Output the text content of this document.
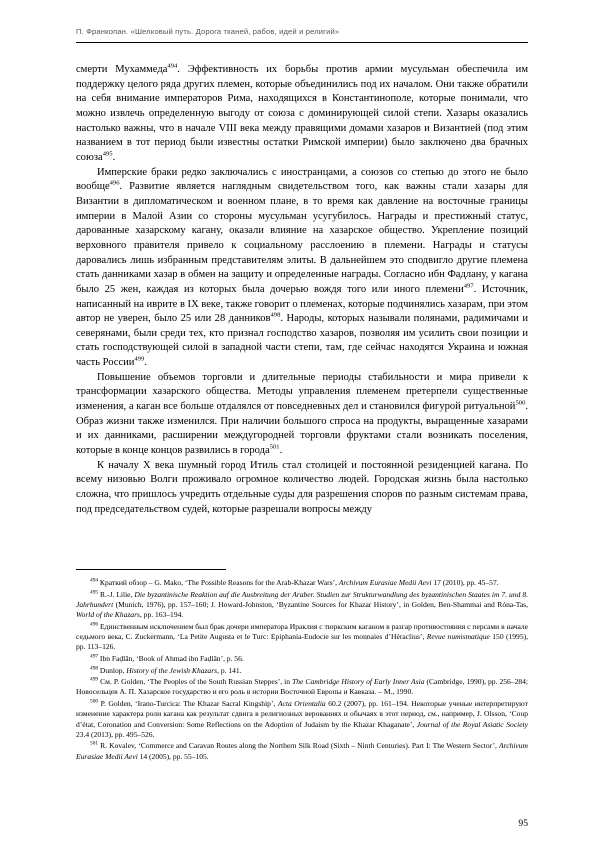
П. Франкопан. «Шелковый путь. Дорога тканей, рабов, идей и религий»

смерти Мухаммеда$^{494}$. Эффективность их борьбы против армии мусульман обеспечила им поддержку целого ряда других племен, которые объединились под их началом. Они также обратили на себя внимание императоров Рима, находящихся в Константинополе, которые понимали, что можно извлечь определенную выгоду от союза с доминирующей силой степи. Хазары оказались настолько важны, что в начале VIII века между правящими домами хазаров и Византией (под этим названием в тот период были известны остатки Римской империи) было заключено два брачных союза$^{495}$.

Имперские браки редко заключались с иностранцами, а союзов со степью до этого не было вообще$^{496}$. Развитие является наглядным свидетельством того, как важны стали хазары для Византии в дипломатическом и военном плане, в то время как давление на восточные границы империи в Малой Азии со стороны мусульман усугубилось. Награды и престижный статус, дарованные хазарскому кагану, оказали влияние на хазарское общество. Укрепление позиций верховного правителя привело к социальному расслоению в племени. Награды и статусы даровались лишь избранным представителям элиты. В дальнейшем это сподвигло другие племена стать данниками хазар в обмен на защиту и определенные награды. Согласно ибн Фадлану, у кагана было 25 жен, каждая из которых была дочерью вождя того или иного племени$^{497}$. Источник, написанный на иврите в IX веке, также говорит о племенах, которые подчинялись хазарам, при этом автор не уверен, было 25 или 28 данников$^{498}$. Народы, которых называли полянами, радимичами и северянами, были среди тех, кто признал господство хазаров, позволяя им усилить свои позиции и стать господствующей силой в западной части степи, там, где сейчас находятся Украина и южная часть России$^{499}$.

Повышение объемов торговли и длительные периоды стабильности и мира привели к трансформации хазарского общества. Методы управления племенем претерпели существенные изменения, а каган все больше отдалялся от повседневных дел и становился фигурой ритуальной$^{500}$. Образ жизни также изменился. При наличии большого спроса на продукты, выращенные хазарами и их данниками, расширении междугородней торговли фруктами стали возникать поселения, которые в конце концов развились в города$^{501}$.

К началу X века шумный город Итиль стал столицей и постоянной резиденцией кагана. По всему низовью Волги проживало огромное количество людей. Городская жизнь была настолько сложна, что пришлось учредить отдельные суды для разрешения споров по разным системам права, под председательством судей, которые разрешали вопросы между

$^{494}$ Краткий обзор – G. Mako, ‘The Possible Reasons for the Arab-Khazar Wars’, Archivum Eurasiae Medii Aevi 17 (2010), pp. 45–57.

$^{495}$ R.-J. Lilie, Die byzantinische Reaktion auf die Ausbreitung der Araber. Studien zur Strukturwandlung des byzantinischen Staates im 7. und 8. Jahrhundert (Munich, 1976), pp. 157–160; J. Howard-Johnston, ‘Byzantine Sources for Khazar History’, in Golden, Ben-Shammai and Róna-Tas, World of the Khazars, pp. 163–194.

$^{496}$ Единственным исключением был брак дочери императора Ираклия с тюркским каганом в разгар противостояния с персами в начале седьмого века, C. Zuckermann, ‘La Petite Augusta et le Turc: Epiphania-Eudocie sur les monnaies d’Héraclius’, Revue numismatique 150 (1995), pp. 113–126.

$^{497}$ Ibn Faḍlān, ‘Book of Ahmad ibn Faḍlān’, p. 56.

$^{498}$ Dunlop, History of the Jewish Khazars, p. 141.

$^{499}$ См. P. Golden, ‘The Peoples of the South Russian Steppes’, in The Cambridge History of Early Inner Asia (Cambridge, 1990), pp. 256–284; Новосельцев А. П. Хазарское государство и его роль в истории Восточной Европы и Кавказа. – М., 1990.

$^{500}$ P. Golden, ‘Irano-Turcica: The Khazar Sacral Kingship’, Acta Orientalia 60.2 (2007), pp. 161–194. Некоторые ученые интерпретируют изменение характера роли кагана как результат сдвига в религиозных верованиях и обычаях в этот период, см., например, J. Olsson, ‘Coup d’état, Coronation and Conversion: Some Reflections on the Adoption of Judaism by the Khazar Khaganate’, Journal of the Royal Asiatic Society 23.4 (2013), pp. 495–526.

$^{501}$ R. Kovalev, ‘Commerce and Caravan Routes along the Northern Silk Road (Sixth – Ninth Centuries). Part I: The Western Sector’, Archivum Eurasiae Medii Aevi 14 (2005), pp. 55–105.

95
